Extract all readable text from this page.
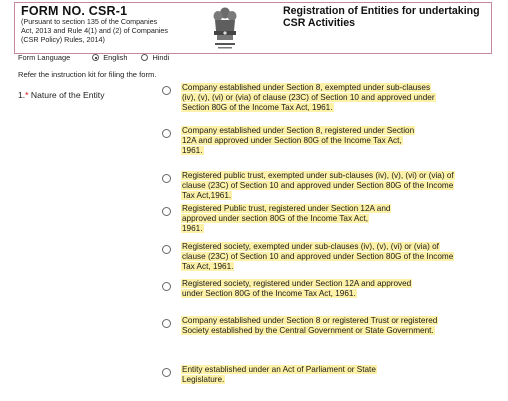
FORM NO. CSR-1
(Pursuant to section 135 of the Companies Act, 2013 and Rule 4(1) and (2) of Companies (CSR Policy) Rules, 2014)
Registration of Entities for undertaking CSR Activities
Form Language	English	Hindi
Refer the instruction kit for filing the form.
1.* Nature of the Entity
Company established under Section 8, exempted under sub-clauses (iv), (v), (vi) or (via) of clause (23C) of Section 10 and approved under Section 80G of the Income Tax Act, 1961.
Company established under Section 8, registered under Section 12A and approved under Section 80G of the Income Tax Act, 1961.
Registered public trust, exempted under sub-clauses (iv), (v), (vi) or (via) of clause (23C) of Section 10 and approved under Section 80G of the Income Tax Act,1961.
Registered Public trust, registered under Section 12A and approved under section 80G of the Income Tax Act, 1961.
Registered society, exempted under sub-clauses (iv), (v), (vi) or (via) of clause (23C) of Section 10 and approved under Section 80G of the Income Tax Act, 1961.
Registered society, registered under Section 12A and approved under Section 80G of the Income Tax Act, 1961.
Company established under Section 8 or registered Trust or registered Society established by the Central Government or State Government.
Entity established under an Act of Parliament or State Legislature.
